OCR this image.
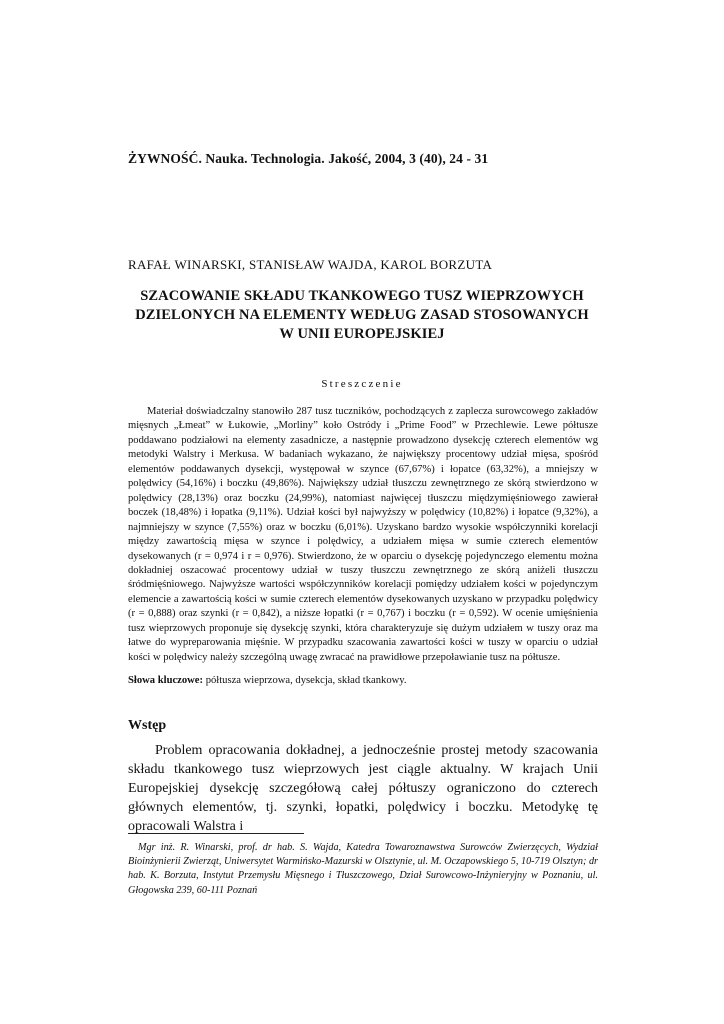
ŻYWNOŚĆ. Nauka. Technologia. Jakość, 2004, 3 (40), 24 - 31
RAFAŁ WINARSKI, STANISŁAW WAJDA, KAROL BORZUTA
SZACOWANIE SKŁADU TKANKOWEGO TUSZ WIEPRZOWYCH
DZIELONYCH NA ELEMENTY WEDŁUG ZASAD STOSOWANYCH
W UNII EUROPEJSKIEJ
Streszczenie

Materiał doświadczalny stanowiło 287 tusz tuczników, pochodzących z zaplecza surowcowego zakładów mięsnych „Łmeat” w Łukowie, „Morliny” koło Ostródy i „Prime Food” w Przechlewie. Lewe półtusze poddawano podziałowi na elementy zasadnicze, a następnie prowadzono dysekcję czterech elementów wg metodyki Walstry i Merkusa. W badaniach wykazano, że największy procentowy udział mięsa, spośród elementów poddawanych dysekcji, występował w szynce (67,67%) i łopatce (63,32%), a mniejszy w polędwicy (54,16%) i boczku (49,86%). Największy udział tłuszczu zewnętrznego ze skórą stwierdzono w polędwicy (28,13%) oraz boczku (24,99%), natomiast najwięcej tłuszczu międzymięśniowego zawierał boczek (18,48%) i łopatka (9,11%). Udział kości był najwyższy w polędwicy (10,82%) i łopatce (9,32%), a najmniejszy w szynce (7,55%) oraz w boczku (6,01%). Uzyskano bardzo wysokie współczynniki korelacji między zawartością mięsa w szynce i polędwicy, a udziałem mięsa w sumie czterech elementów dysekowanych (r = 0,974 i r = 0,976). Stwierdzono, że w oparciu o dysekcję pojedynczego elementu można dokładniej oszacować procentowy udział w tuszy tłuszczu zewnętrznego ze skórą aniżeli tłuszczu śródmięśniowego. Najwyższe wartości współczynników korelacji pomiędzy udziałem kości w pojedynczym elemencie a zawartością kości w sumie czterech elementów dysekowanych uzyskano w przypadku polędwicy (r = 0,888) oraz szynki (r = 0,842), a niższe łopatki (r = 0,767) i boczku (r = 0,592). W ocenie umięśnienia tusz wieprzowych proponuje się dysekcję szynki, która charakteryzuje się dużym udziałem w tuszy oraz ma łatwe do wypreparowania mięśnie. W przypadku szacowania zawartości kości w tuszy w oparciu o udział kości w polędwicy należy szczególną uwagę zwracać na prawidłowe przepoławianie tusz na półtusze.

Słowa kluczowe: półtusza wieprzowa, dysekcja, skład tkankowy.
Wstęp

Problem opracowania dokładnej, a jednocześnie prostej metody szacowania składu tkankowego tusz wieprzowych jest ciągle aktualny. W krajach Unii Europejskiej dysekcję szczegółową całej półtuszy ograniczono do czterech głównych elementów, tj. szynki, łopatki, polędwicy i boczku. Metodykę tę opracowali Walstra i

Mgr inż. R. Winarski, prof. dr hab. S. Wajda, Katedra Towaroznawstwa Surowców Zwierzęcych, Wydział Bioinżynierii Zwierząt, Uniwersytet Warmińsko-Mazurski w Olsztynie, ul. M. Oczapowskiego 5, 10-719 Olsztyn; dr hab. K. Borzuta, Instytut Przemysłu Mięsnego i Tłuszczowego, Dział Surowcowo-Inżynieryjny w Poznaniu, ul. Głogowska 239, 60-111 Poznań
